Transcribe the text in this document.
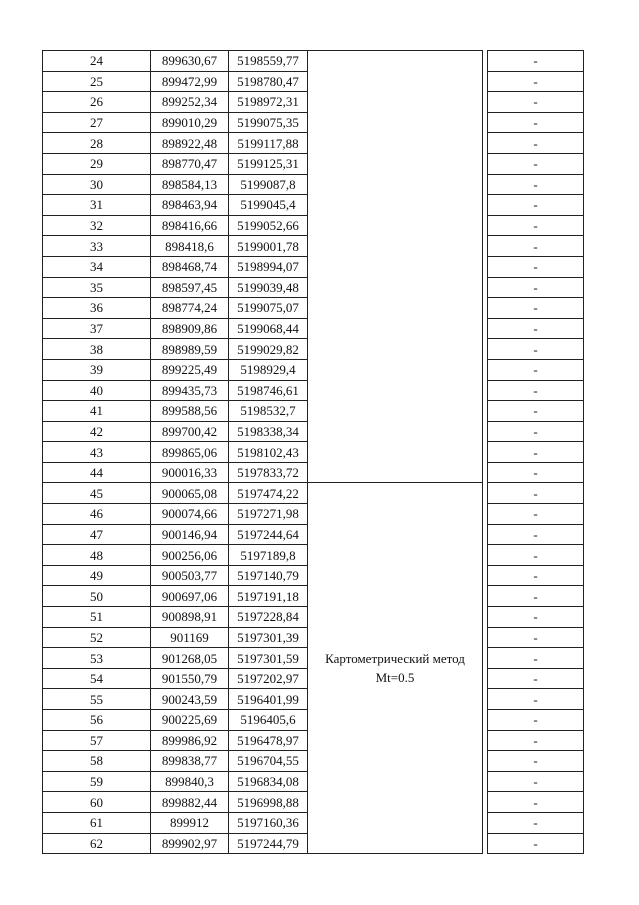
24	899630,67	5198559,77			-
25	899472,99	5198780,47			-
26	899252,34	5198972,31			-
27	899010,29	5199075,35			-
28	898922,48	5199117,88			-
29	898770,47	5199125,31			-
30	898584,13	5199087,8			-
31	898463,94	5199045,4			-
32	898416,66	5199052,66			-
33	898418,6	5199001,78			-
34	898468,74	5198994,07			-
35	898597,45	5199039,48			-
36	898774,24	5199075,07			-
37	898909,86	5199068,44			-
38	898989,59	5199029,82			-
39	899225,49	5198929,4			-
40	899435,73	5198746,61			-
41	899588,56	5198532,7			-
42	899700,42	5198338,34			-
43	899865,06	5198102,43			-
44	900016,33	5197833,72			-
45	900065,08	5197474,22	Картометрический метод
Mt=0.5		-
46	900074,66	5197271,98			-
47	900146,94	5197244,64			-
48	900256,06	5197189,8			-
49	900503,77	5197140,79			-
50	900697,06	5197191,18			-
51	900898,91	5197228,84			-
52	901169	5197301,39			-
53	901268,05	5197301,59			-
54	901550,79	5197202,97			-
55	900243,59	5196401,99			-
56	900225,69	5196405,6			-
57	899986,92	5196478,97			-
58	899838,77	5196704,55			-
59	899840,3	5196834,08			-
60	899882,44	5196998,88			-
61	899912	5197160,36			-
62	899902,97	5197244,79			-
